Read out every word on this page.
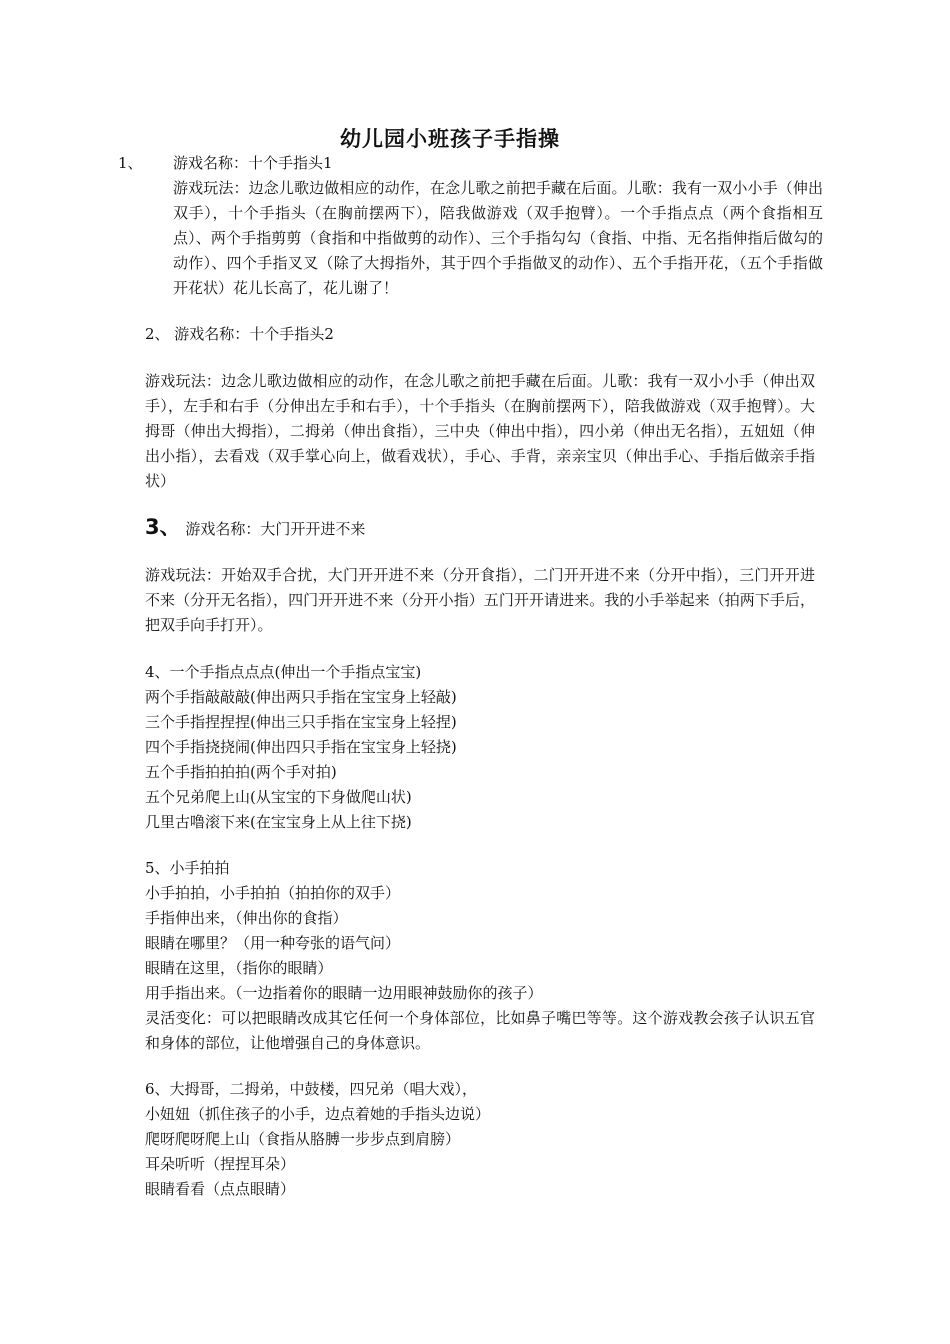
幼儿园小班孩子手指操
1、 游戏名称：十个手指头1
游戏玩法：边念儿歌边做相应的动作，在念儿歌之前把手藏在后面。儿歌：我有一双小小手（伸出双手），十个手指头（在胸前摆两下），陪我做游戏（双手抱臂）。一个手指点点（两个食指相互点）、两个手指剪剪（食指和中指做剪的动作）、三个手指勾勾（食指、中指、无名指伸指后做勾的动作）、四个手指叉叉（除了大拇指外，其于四个手指做叉的动作）、五个手指开花，（五个手指做开花状）花儿长高了，花儿谢了！
2、 游戏名称：十个手指头2
游戏玩法：边念儿歌边做相应的动作，在念儿歌之前把手藏在后面。儿歌：我有一双小小手（伸出双手），左手和右手（分伸出左手和右手），十个手指头（在胸前摆两下），陪我做游戏（双手抱臂）。大拇哥（伸出大拇指），二拇弟（伸出食指），三中央（伸出中指），四小弟（伸出无名指），五妞妞（伸出小指），去看戏（双手掌心向上，做看戏状），手心、手背，亲亲宝贝（伸出手心、手指后做亲手指状）
3、 游戏名称：大门开开进不来
游戏玩法：开始双手合扰，大门开开进不来（分开食指），二门开开进不来（分开中指），三门开开进不来（分开无名指），四门开开进不来（分开小指）五门开开请进来。我的小手举起来（拍两下手后，把双手向手打开）。
4、一个手指点点点(伸出一个手指点宝宝)
两个手指敲敲敲(伸出两只手指在宝宝身上轻敲)
三个手指捏捏捏(伸出三只手指在宝宝身上轻捏)
四个手指挠挠闹(伸出四只手指在宝宝身上轻挠)
五个手指拍拍拍(两个手对拍)
五个兄弟爬上山(从宝宝的下身做爬山状)
几里古噜滚下来(在宝宝身上从上往下挠)
5、小手拍拍
小手拍拍，小手拍拍（拍拍你的双手）
手指伸出来，（伸出你的食指）
眼睛在哪里？（用一种夸张的语气问）
眼睛在这里，（指你的眼睛）
用手指出来。（一边指着你的眼睛一边用眼神鼓励你的孩子）
灵活变化：可以把眼睛改成其它任何一个身体部位，比如鼻子嘴巴等等。这个游戏教会孩子认识五官和身体的部位，让他增强自己的身体意识。
6、大拇哥，二拇弟，中鼓楼，四兄弟（唱大戏），
小妞妞（抓住孩子的小手，边点着她的手指头边说）
爬呀爬呀爬上山（食指从胳膊一步步点到肩膀）
耳朵听听（捏捏耳朵）
眼睛看看（点点眼睛）
